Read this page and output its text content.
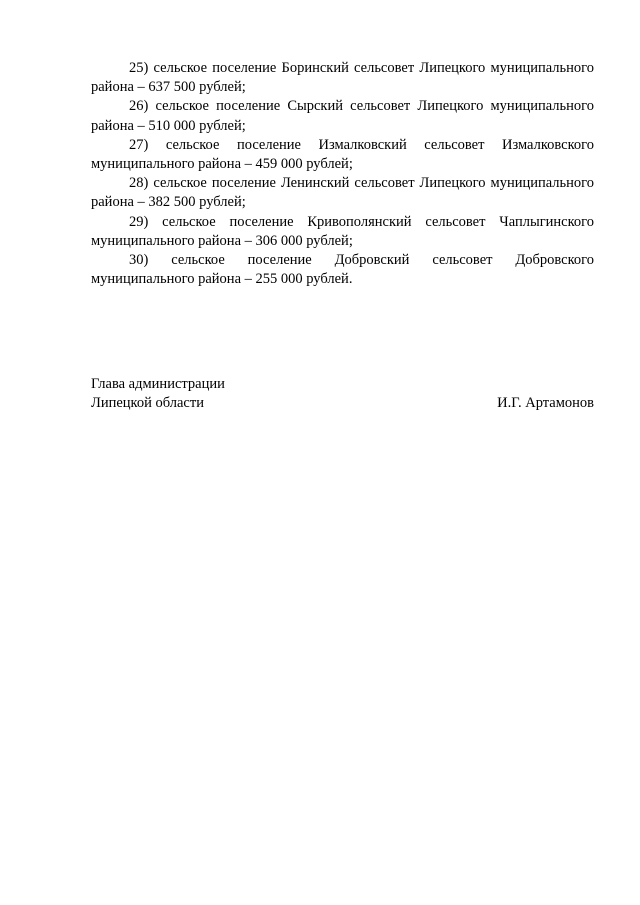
25) сельское поселение Боринский сельсовет Липецкого муниципального района – 637 500 рублей;

26) сельское поселение Сырский сельсовет Липецкого муниципального района – 510 000 рублей;

27) сельское поселение Измалковский сельсовет Измалковского муниципального района – 459 000 рублей;

28) сельское поселение Ленинский сельсовет Липецкого муниципального района – 382 500 рублей;

29) сельское поселение Кривополянский сельсовет Чаплыгинского муниципального района – 306 000 рублей;

30) сельское поселение Добровский сельсовет Добровского муниципального района – 255 000 рублей.

Глава администрации
Липецкой области	И.Г. Артамонов
